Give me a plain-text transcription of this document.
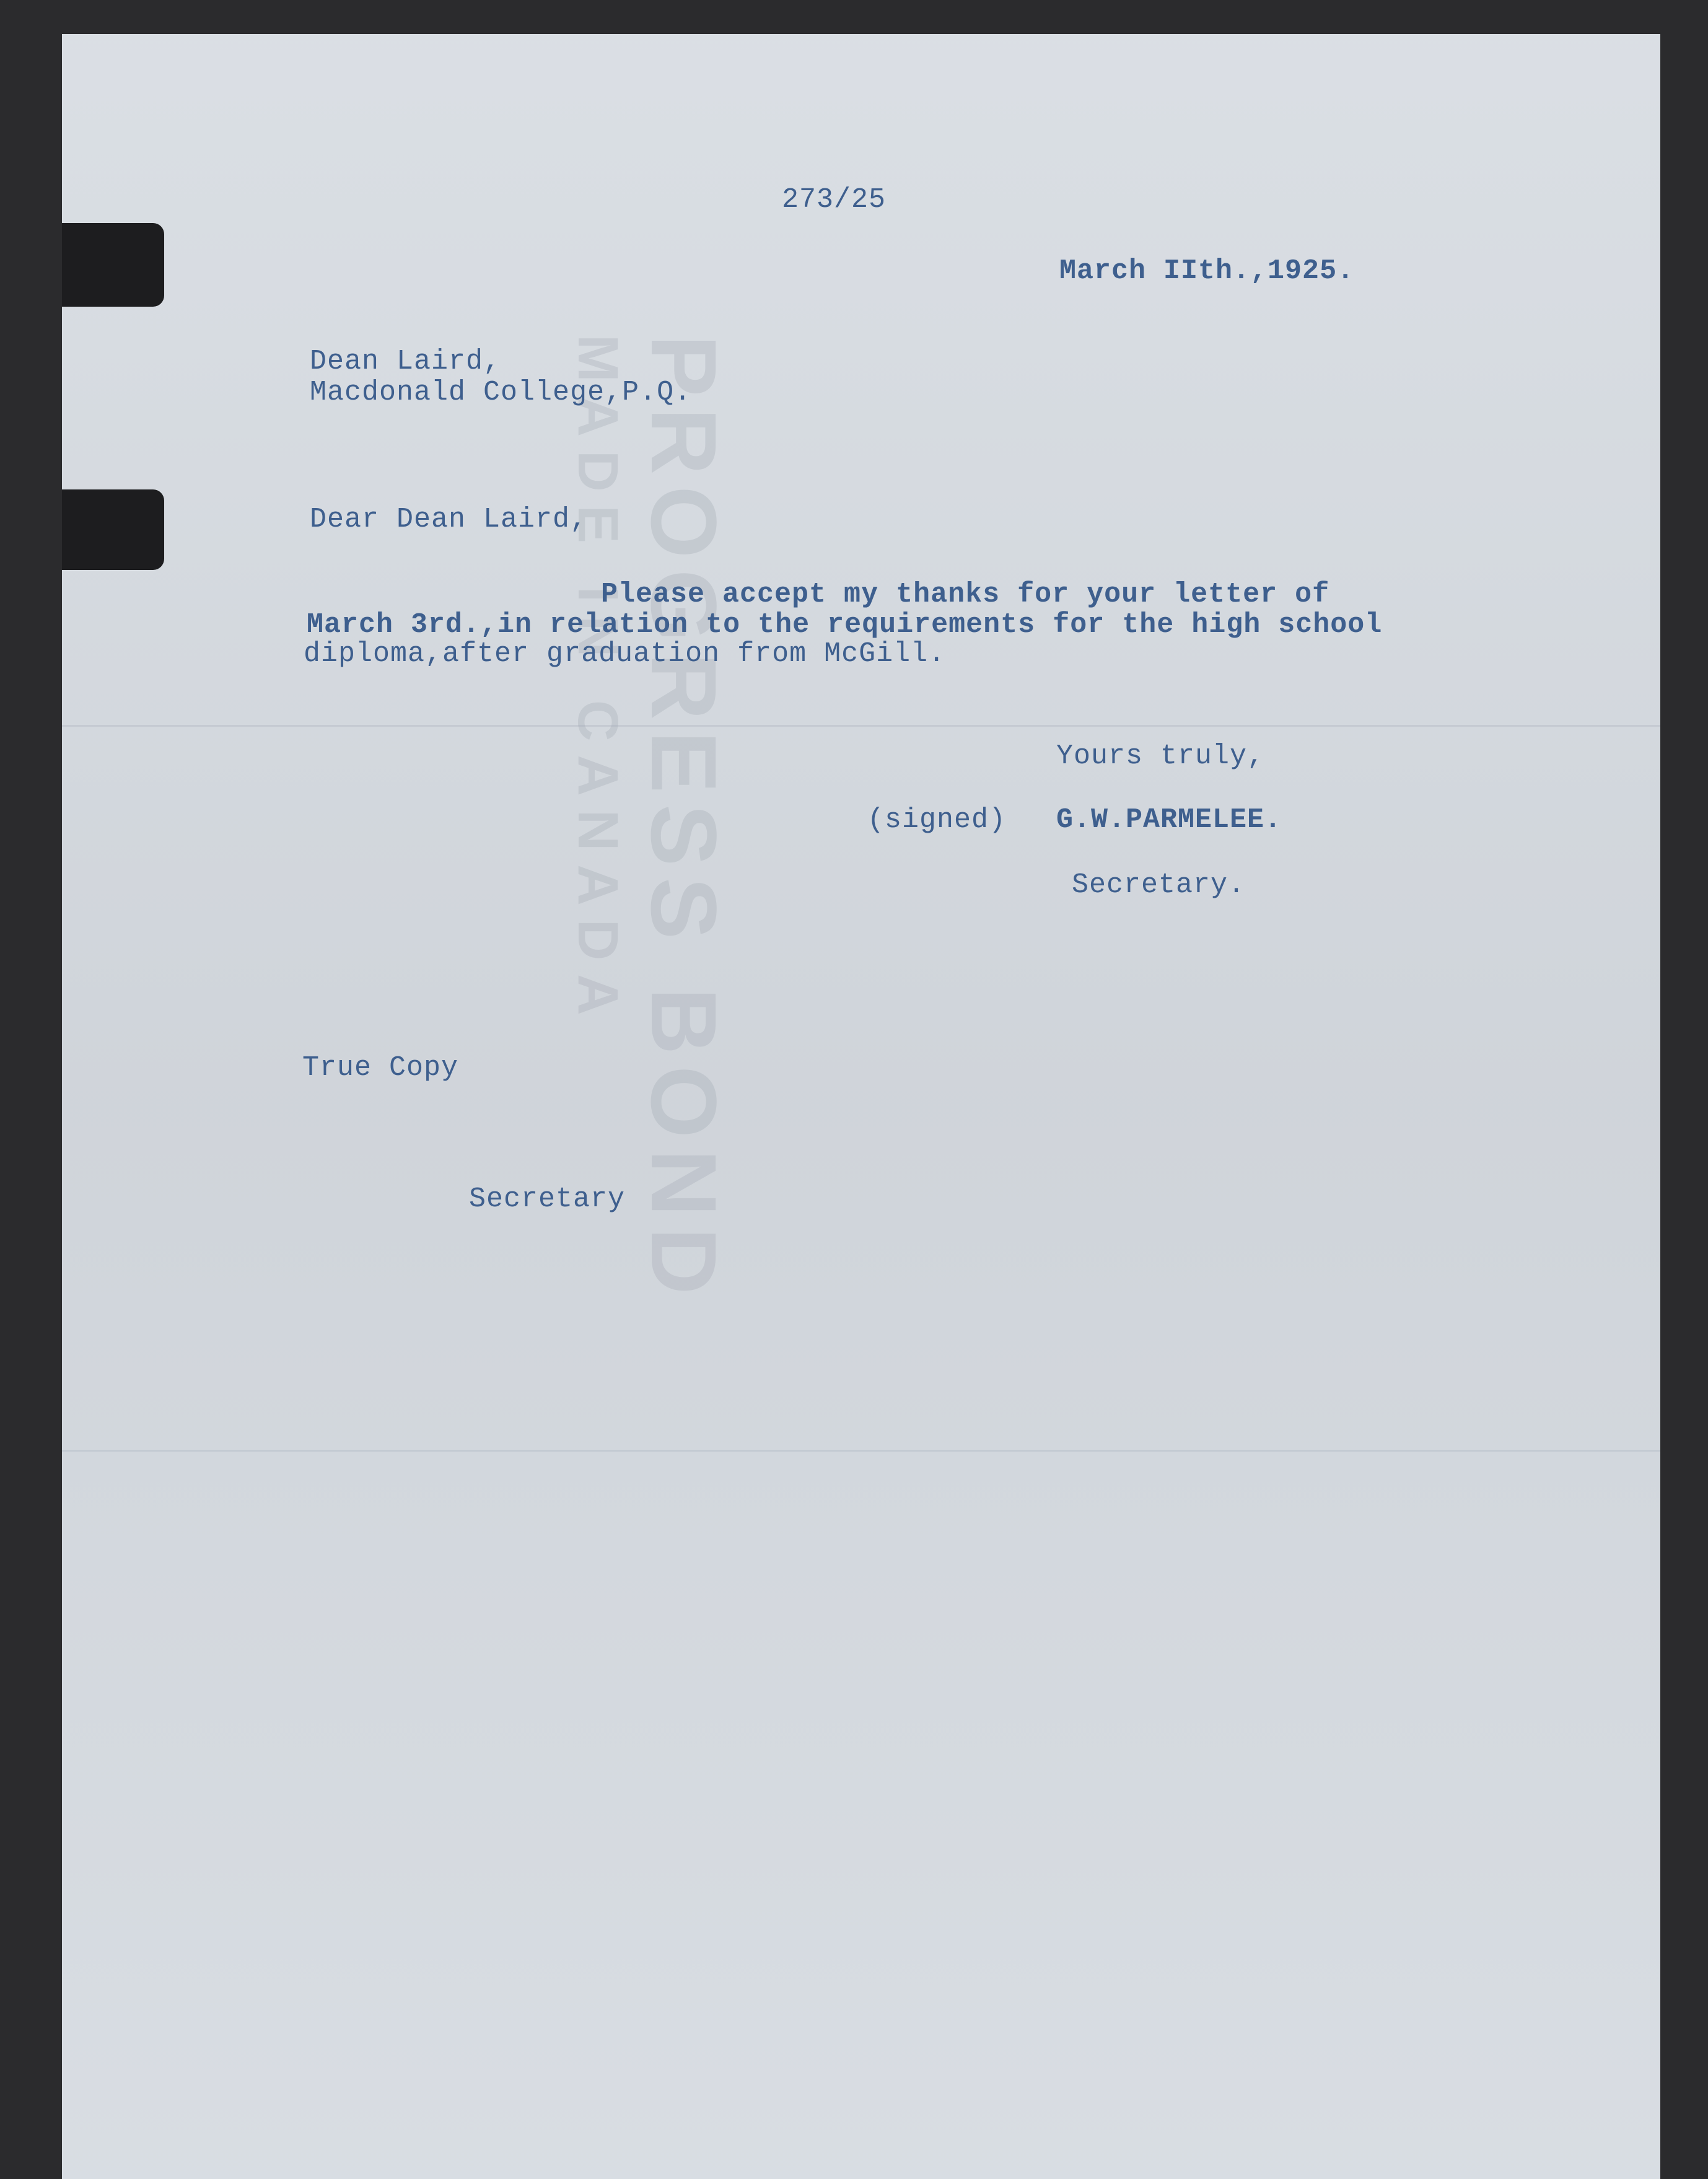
PROGRESS BOND
MADE IN CANADA
273/25
March IIth.,1925.
Dean Laird,
Macdonald College,P.Q.
Dear Dean Laird,
Please accept my thanks for your letter of
March 3rd.,in relation to the requirements for the high school
diploma,after graduation from McGill.
Yours truly,
(signed) G.W.PARMELEE.
Secretary.
True Copy
Secretary
